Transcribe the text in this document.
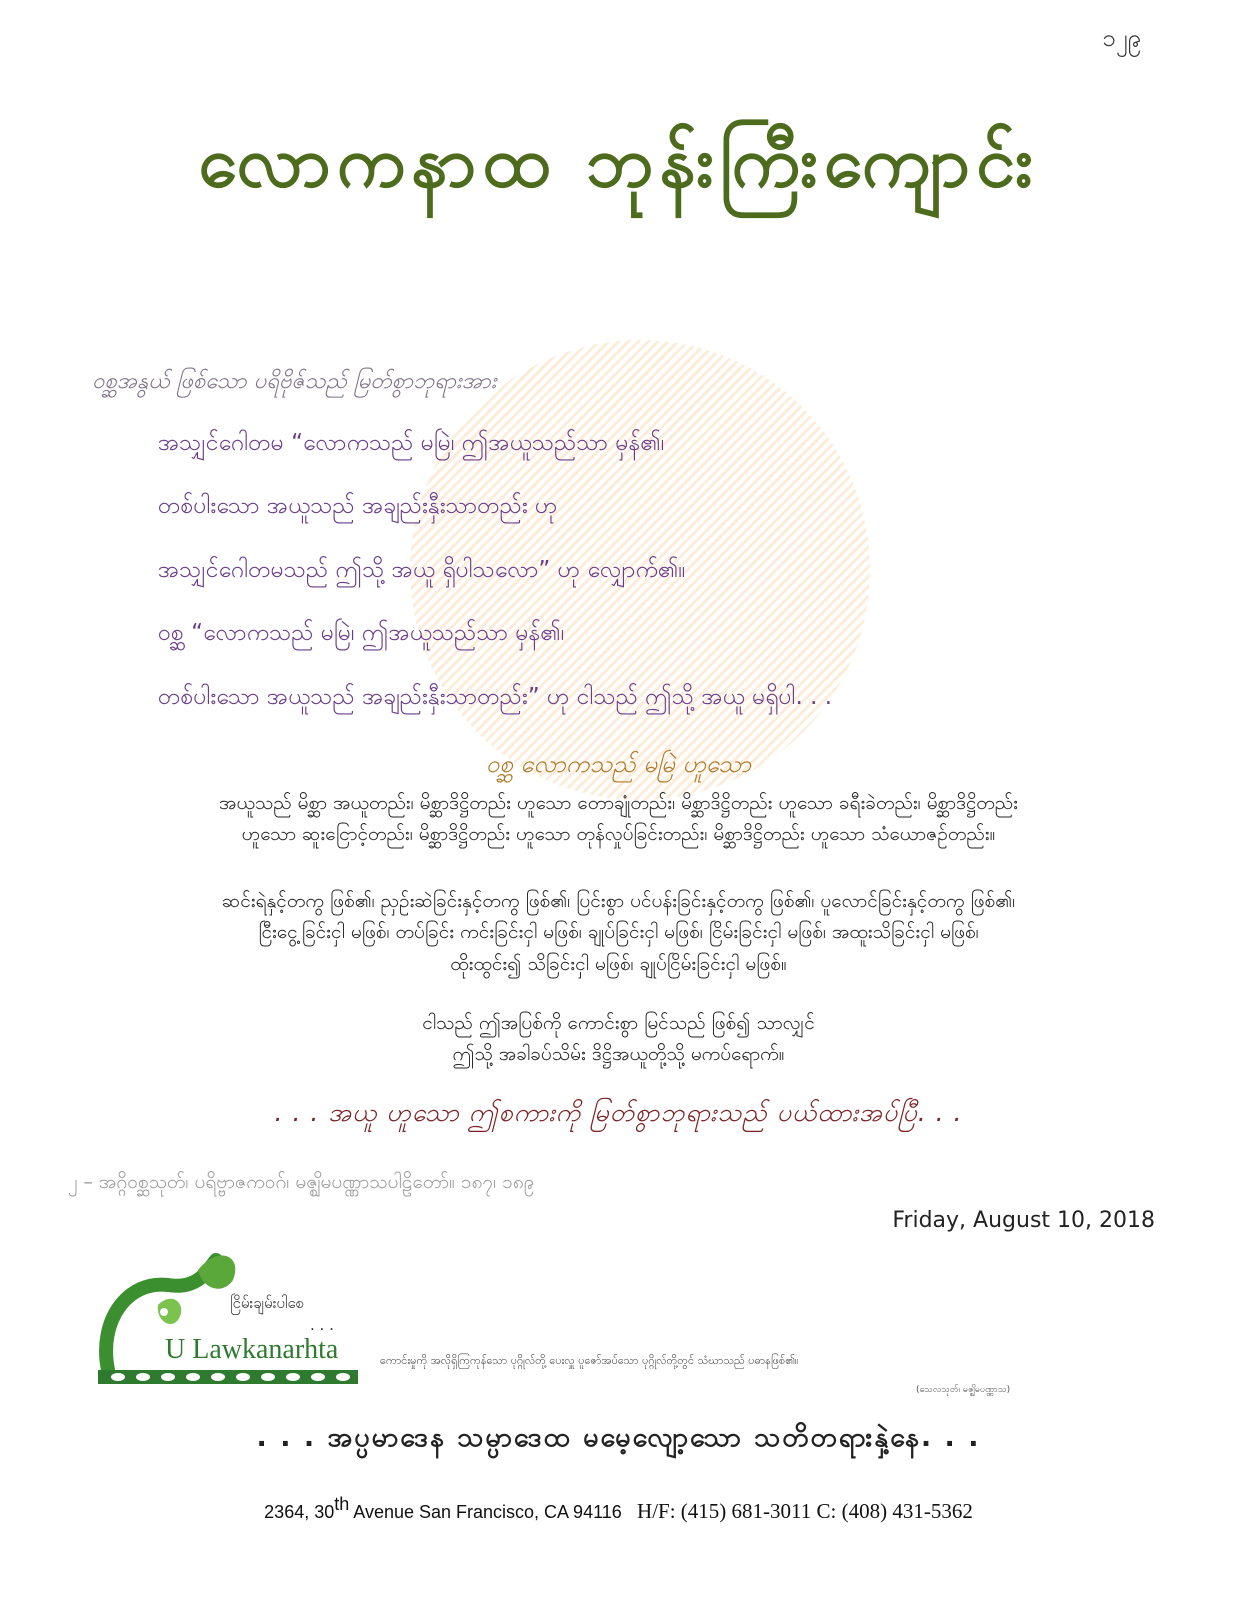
၁၂၉
လောကနာထ ဘုန်းကြီးကျောင်း
ဝစ္ဆအနွယ် ဖြစ်သော ပရိဗိုဇ်သည် မြတ်စွာဘုရားအား
အသျှင်ဂေါတမ “လောကသည် မမြဲ၊ ဤအယူသည်သာ မှန်၏၊
တစ်ပါးသော အယူသည် အချည်းနှီးသာတည်း ဟု
အသျှင်ဂေါတမသည် ဤသို့ အယူ ရှိပါသလော” ဟု လျှောက်၏။
ဝစ္ဆ “လောကသည် မမြဲ၊ ဤအယူသည်သာ မှန်၏၊
တစ်ပါးသော အယူသည် အချည်းနှီးသာတည်း” ဟု ငါသည် ဤသို့ အယူ မရှိပါ. . .
ဝစ္ဆ လောကသည် မမြဲ ဟူသော
အယူသည် မိစ္ဆာ အယူတည်း၊ မိစ္ဆာဒိဋ္ဌိတည်း ဟူသော တောချုံတည်း၊ မိစ္ဆာဒိဋ္ဌိတည်း ဟူသော ခရီးခဲတည်း၊ မိစ္ဆာဒိဋ္ဌိတည်း
ဟူသော ဆူးငြောင့်တည်း၊ မိစ္ဆာဒိဋ္ဌိတည်း ဟူသော တုန်လှုပ်ခြင်းတည်း၊ မိစ္ဆာဒိဋ္ဌိတည်း ဟူသော သံယောဇဉ်တည်း။
ဆင်းရဲနှင့်တကွ ဖြစ်၏၊ ညှဉ်းဆဲခြင်းနှင့်တကွ ဖြစ်၏၊ ပြင်းစွာ ပင်ပန်းခြင်းနှင့်တကွ ဖြစ်၏၊ ပူလောင်ခြင်းနှင့်တကွ ဖြစ်၏၊
ငြီးငွေ့ခြင်းငှါ မဖြစ်၊ တပ်ခြင်း ကင်းခြင်းငှါ မဖြစ်၊ ချုပ်ခြင်းငှါ မဖြစ်၊ ငြိမ်းခြင်းငှါ မဖြစ်၊ အထူးသိခြင်းငှါ မဖြစ်၊
ထိုးထွင်း၍ သိခြင်းငှါ မဖြစ်၊ ချုပ်ငြိမ်းခြင်းငှါ မဖြစ်။
ငါသည် ဤအပြစ်ကို ကောင်းစွာ မြင်သည် ဖြစ်၍ သာလျှင်
ဤသို့ အခါခပ်သိမ်း ဒိဋ္ဌိအယူတို့သို့ မကပ်ရောက်။
. . . အယူ ဟူသော ဤစကားကို မြတ်စွာဘုရားသည် ပယ်ထားအပ်ပြီ. . .
၂ – အဂ္ဂိဝစ္ဆသုတ်၊ ပရိဗ္ဗာဇကဝဂ်၊ မဇ္ဈိမပဏ္ဏာသပါဠိတော်။ ၁၈၇၊ ၁၈၉
Friday, August 10, 2018
ငြိမ်းချမ်းပါစေ
. . .
U Lawkanarhta	ကောင်းမှုကို အလိုရှိကြကုန်သော ပုဂ္ဂိုလ်တို့ ပေးလှူ ပူဇော်အပ်သော ပုဂ္ဂိုလ်တို့တွင် သံဃာသည် ပဓာနဖြစ်၏။
(သေလသုတ်၊ မဇ္ဈိမပဏ္ဏာသ)
. . . အပ္ပမာဒေန သမ္ပာဒေထ မမေ့လျော့သော သတိတရားနှဲ့နေ. . .
2364, 30th Avenue San Francisco, CA 94116 H/F: (415) 681-3011 C: (408) 431-5362
